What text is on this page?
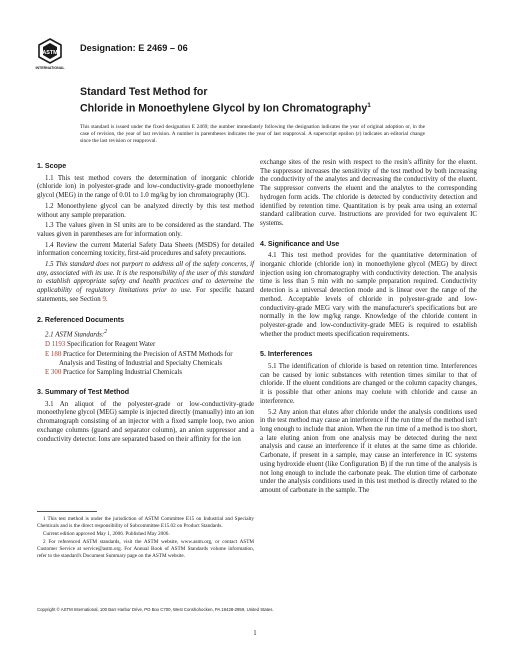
ASTM
INTERNATIONAL
Designation: E 2469 – 06
Standard Test Method for
Chloride in Monoethylene Glycol by Ion Chromatography$^1$
This standard is issued under the fixed designation E 2469; the number immediately following the designation indicates the year of original adoption or, in the case of revision, the year of last revision. A number in parentheses indicates the year of last reapproval. A superscript epsilon (ε) indicates an editorial change since the last revision or reapproval.
1. Scope

1.1 This test method covers the determination of inorganic chloride (chloride ion) in polyester-grade and low-conductivity-grade monoethylene glycol (MEG) in the range of 0.01 to 1.0 mg/kg by ion chromatography (IC).

1.2 Monoethylene glycol can be analyzed directly by this test method without any sample preparation.

1.3 The values given in SI units are to be considered as the standard. The values given in parentheses are for information only.

1.4 Review the current Material Safety Data Sheets (MSDS) for detailed information concerning toxicity, first-aid procedures and safety precautions.

1.5 This standard does not purport to address all of the safety concerns, if any, associated with its use. It is the responsibility of the user of this standard to establish appropriate safety and health practices and to determine the applicability of regulatory limitations prior to use. For specific hazard statements, see Section 9.

2. Referenced Documents

2.1 ASTM Standards:$^2$

D 1193 Specification for Reagent Water

E 180 Practice for Determining the Precision of ASTM Methods for Analysis and Testing of Industrial and Specialty Chemicals

E 300 Practice for Sampling Industrial Chemicals

3. Summary of Test Method

3.1 An aliquot of the polyester-grade or low-conductivity-grade monoethylene glycol (MEG) sample is injected directly (manually) into an ion chromatograph consisting of an injector with a fixed sample loop, two anion exchange columns (guard and separator column), an anion suppressor and a conductivity detector. Ions are separated based on their affinity for the ion

1 This test method is under the jurisdiction of ASTM Committee E15 on Industrial and Specialty Chemicals and is the direct responsibility of Subcommittee E15.02 on Product Standards.

Current edition approved May 1, 2006. Published May 2006.

2 For referenced ASTM standards, visit the ASTM website, www.astm.org, or contact ASTM Customer Service at service@astm.org. For Annual Book of ASTM Standards volume information, refer to the standard's Document Summary page on the ASTM website.

exchange sites of the resin with respect to the resin's affinity for the eluent. The suppressor increases the sensitivity of the test method by both increasing the conductivity of the analytes and decreasing the conductivity of the eluent. The suppressor converts the eluent and the analytes to the corresponding hydrogen form acids. The chloride is detected by conductivity detection and identified by retention time. Quantitation is by peak area using an external standard calibration curve. Instructions are provided for two equivalent IC systems.

4. Significance and Use

4.1 This test method provides for the quantitative determination of inorganic chloride (chloride ion) in monoethylene glycol (MEG) by direct injection using ion chromatography with conductivity detection. The analysis time is less than 5 min with no sample preparation required. Conductivity detection is a universal detection mode and is linear over the range of the method. Acceptable levels of chloride in polyester-grade and low-conductivity-grade MEG vary with the manufacturer's specifications but are normally in the low mg/kg range. Knowledge of the chloride content in polyester-grade and low-conductivity-grade MEG is required to establish whether the product meets specification requirements.

5. Interferences

5.1 The identification of chloride is based on retention time. Interferences can be caused by ionic substances with retention times similar to that of chloride. If the eluent conditions are changed or the column capacity changes, it is possible that other anions may coelute with chloride and cause an interference.

5.2 Any anion that elutes after chloride under the analysis conditions used in the test method may cause an interference if the run time of the method isn't long enough to include that anion. When the run time of a method is too short, a late eluting anion from one analysis may be detected during the next analysis and cause an interference if it elutes at the same time as chloride. Carbonate, if present in a sample, may cause an interference in IC systems using hydroxide eluent (like Configuration B) if the run time of the analysis is not long enough to include the carbonate peak. The elution time of carbonate under the analysis conditions used in this test method is directly related to the amount of carbonate in the sample. The

Copyright © ASTM International, 100 Barr Harbor Drive, PO Box C700, West Conshohocken, PA 19428-2959, United States.
1
